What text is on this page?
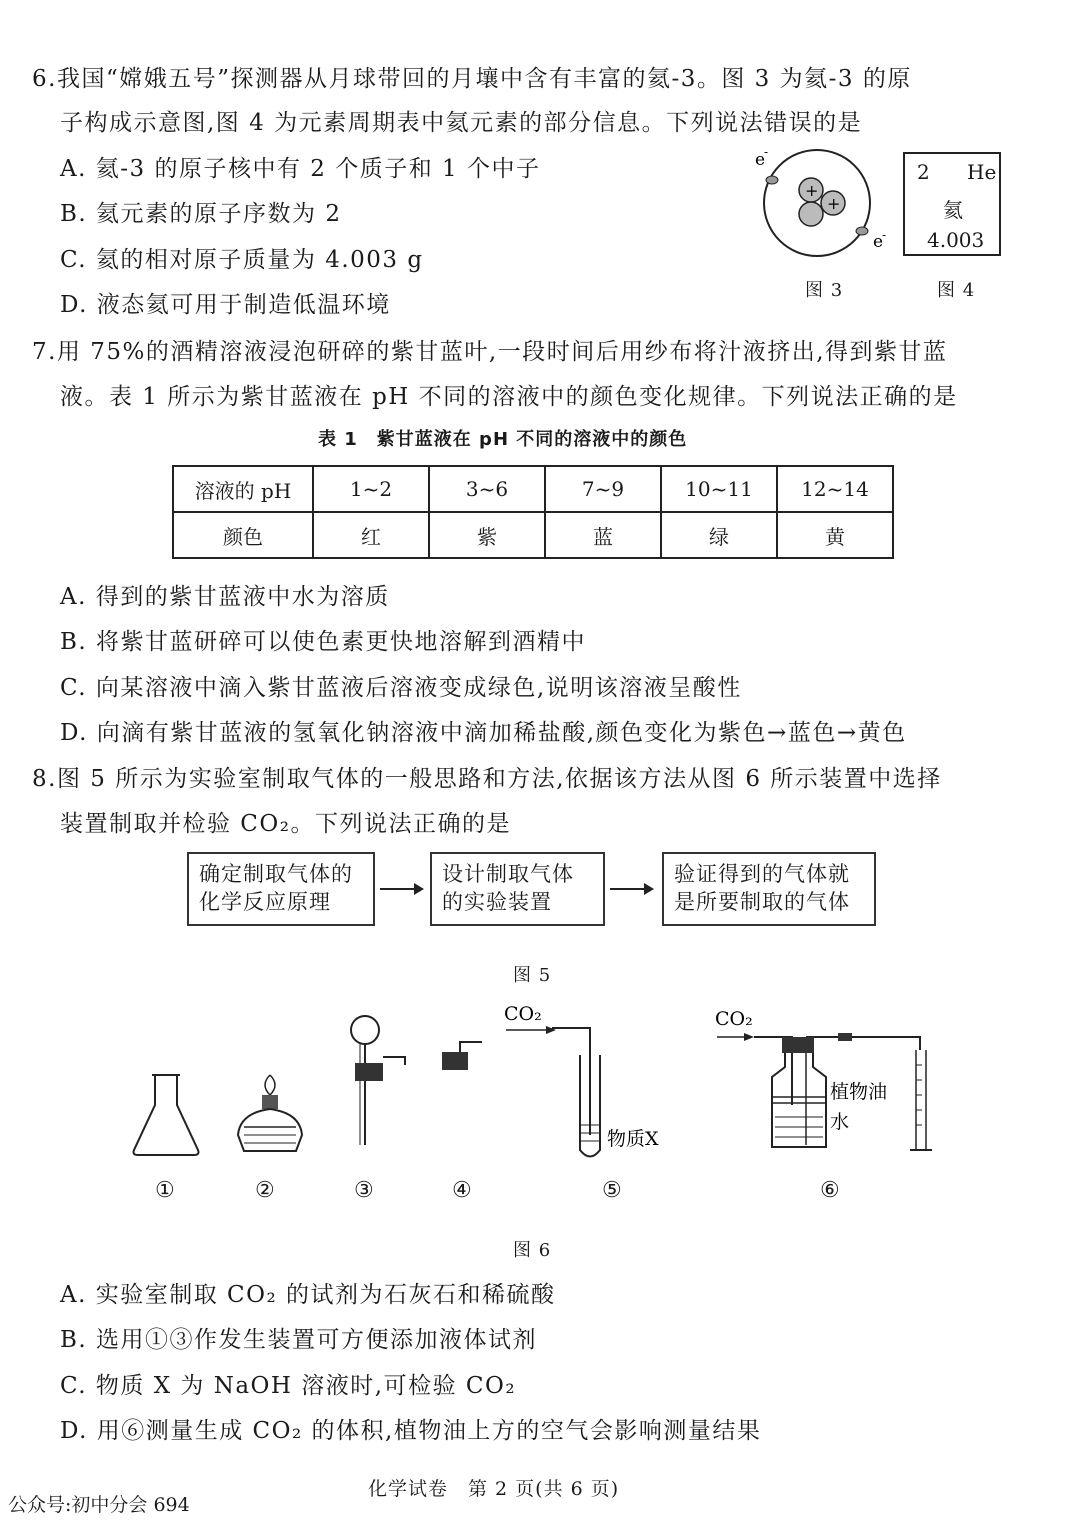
6.我国“嫦娥五号”探测器从月球带回的月壤中含有丰富的氦-3。图 3 为氦-3 的原
子构成示意图,图 4 为元素周期表中氦元素的部分信息。下列说法错误的是
A. 氦-3 的原子核中有 2 个质子和 1 个中子
B. 氦元素的原子序数为 2
C. 氦的相对原子质量为 4.003 g
D. 液态氦可用于制造低温环境
+
+
e
-
e
-
图 3
2 He
氦
4.003
图 4
7.用 75%的酒精溶液浸泡研碎的紫甘蓝叶,一段时间后用纱布将汁液挤出,得到紫甘蓝
液。表 1 所示为紫甘蓝液在 pH 不同的溶液中的颜色变化规律。下列说法正确的是
表 1　紫甘蓝液在 pH 不同的溶液中的颜色
溶液的 pH	1~2	3~6	7~9	10~11	12~14
颜色	红	紫	蓝	绿	黄
A. 得到的紫甘蓝液中水为溶质
B. 将紫甘蓝研碎可以使色素更快地溶解到酒精中
C. 向某溶液中滴入紫甘蓝液后溶液变成绿色,说明该溶液呈酸性
D. 向滴有紫甘蓝液的氢氧化钠溶液中滴加稀盐酸,颜色变化为紫色→蓝色→黄色
8.图 5 所示为实验室制取气体的一般思路和方法,依据该方法从图 6 所示装置中选择
装置制取并检验 CO₂。下列说法正确的是
确定制取气体的化学反应原理
设计制取气体的实验装置
验证得到的气体就是所要制取的气体
图 5
CO₂
物质X
CO₂
植物油
水
①	②	③	④	⑤	⑥
图 6
A. 实验室制取 CO₂ 的试剂为石灰石和稀硫酸
B. 选用①③作发生装置可方便添加液体试剂
C. 物质 X 为 NaOH 溶液时,可检验 CO₂
D. 用⑥测量生成 CO₂ 的体积,植物油上方的空气会影响测量结果
公众号:初中分会 694
化学试卷　第 2 页(共 6 页)
